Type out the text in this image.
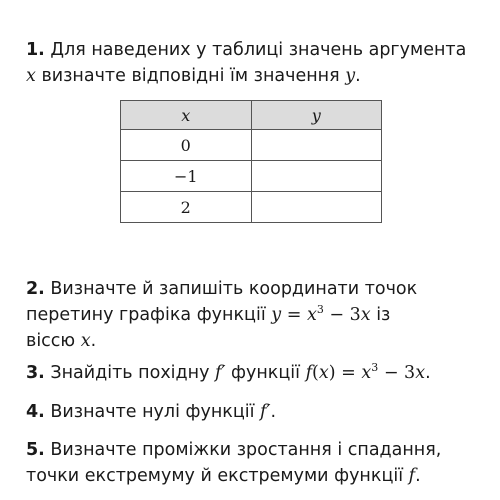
1. Для наведених у таблиці значень аргумента
x визначте відповідні їм значення y.
x	y
0	
−1	
2	
2. Визначте й запишіть координати точок
перетину графіка функції $y = x^3 - 3x$ із
віссю x.
3. Знайдіть похідну f′ функції $f(x) = x^3 - 3x$.
4. Визначте нулі функції f′.
5. Визначте проміжки зростання і спадання,
точки екстремуму й екстремуми функції f.
